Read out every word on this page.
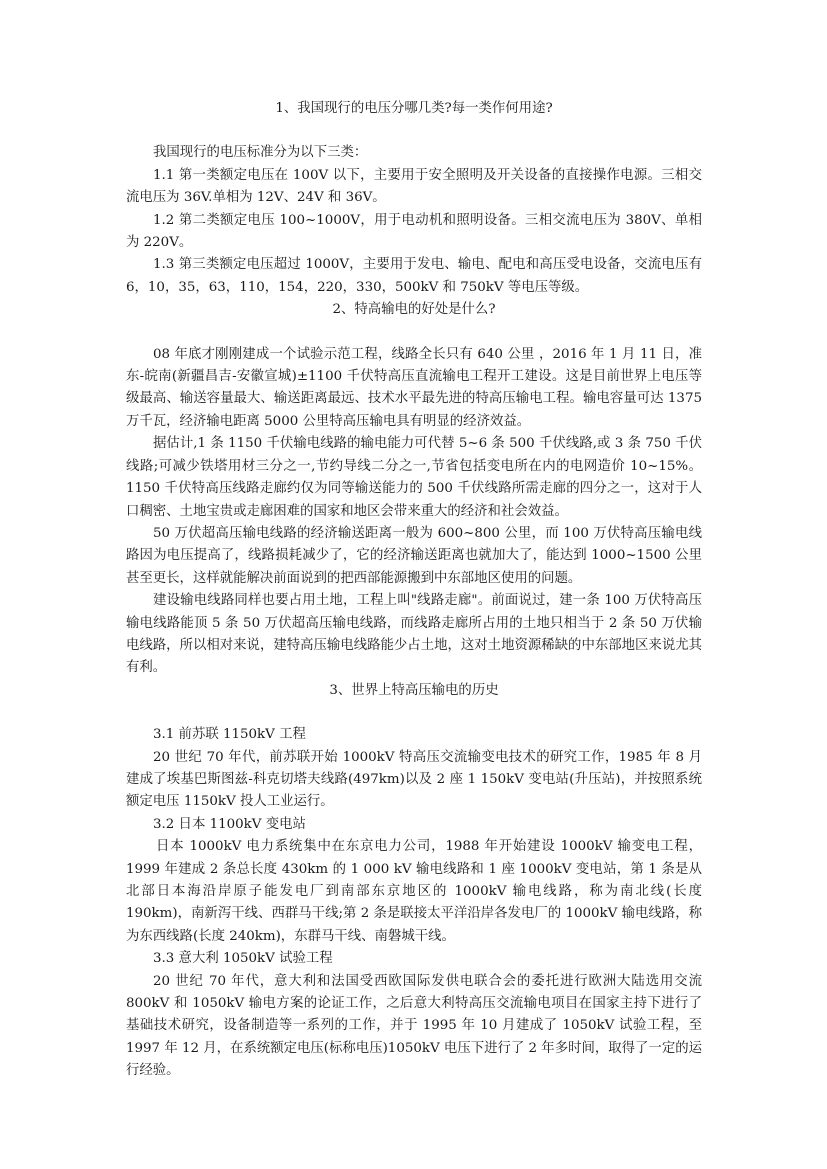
1、我国现行的电压分哪几类?每一类作何用途?

我国现行的电压标准分为以下三类：

1.1 第一类额定电压在 100V 以下，主要用于安全照明及开关设备的直接操作电源。三相交流电压为 36V.单相为 12V、24V 和 36V。

1.2 第二类额定电压 100~1000V，用于电动机和照明设备。三相交流电压为 380V、单相为 220V。

1.3 第三类额定电压超过 1000V，主要用于发电、输电、配电和高压受电设备，交流电压有 6，10，35，63，110，154，220，330，500kV 和 750kV 等电压等级。

2、特高输电的好处是什么?

08 年底才刚刚建成一个试验示范工程，线路全长只有 640 公里 ，2016 年 1 月 11 日，准东-皖南(新疆昌吉-安徽宣城)±1100 千伏特高压直流输电工程开工建设。这是目前世界上电压等级最高、输送容量最大、输送距离最远、技术水平最先进的特高压输电工程。输电容量可达 1375 万千瓦，经济输电距离 5000 公里特高压输电具有明显的经济效益。

据估计,1 条 1150 千伏输电线路的输电能力可代替 5~6 条 500 千伏线路,或 3 条 750 千伏线路;可减少铁塔用材三分之一,节约导线二分之一,节省包括变电所在内的电网造价 10~15%。1150 千伏特高压线路走廊约仅为同等输送能力的 500 千伏线路所需走廊的四分之一，这对于人口稠密、土地宝贵或走廊困难的国家和地区会带来重大的经济和社会效益。

50 万伏超高压输电线路的经济输送距离一般为 600~800 公里，而 100 万伏特高压输电线路因为电压提高了，线路损耗减少了，它的经济输送距离也就加大了，能达到 1000~1500 公里甚至更长，这样就能解决前面说到的把西部能源搬到中东部地区使用的问题。

建设输电线路同样也要占用土地，工程上叫"线路走廊"。前面说过，建一条 100 万伏特高压输电线路能顶 5 条 50 万伏超高压输电线路，而线路走廊所占用的土地只相当于 2 条 50 万伏输电线路，所以相对来说，建特高压输电线路能少占土地，这对土地资源稀缺的中东部地区来说尤其有利。

3、世界上特高压输电的历史

3.1 前苏联 1150kV 工程

20 世纪 70 年代，前苏联开始 1000kV 特高压交流输变电技术的研究工作，1985 年 8 月建成了埃基巴斯图兹-科克切塔夫线路(497km)以及 2 座 1 150kV 变电站(升压站)，并按照系统额定电压 1150kV 投人工业运行。

3.2 日本 1100kV 变电站

日本 1000kV 电力系统集中在东京电力公司，1988 年开始建设 1000kV 输变电工程，1999 年建成 2 条总长度 430km 的 1 000 kV 输电线路和 1 座 1000kV 变电站，第 1 条是从北部日本海沿岸原子能发电厂到南部东京地区的 1000kV 输电线路，称为南北线(长度 190km)，南新泻干线、西群马干线;第 2 条是联接太平洋沿岸各发电厂的 1000kV 输电线路，称为东西线路(长度 240km)，东群马干线、南磐城干线。

3.3 意大利 1050kV 试验工程

20 世纪 70 年代，意大利和法国受西欧国际发供电联合会的委托进行欧洲大陆选用交流 800kV 和 1050kV 输电方案的论证工作，之后意大利特高压交流输电项目在国家主持下进行了基础技术研究，设备制造等一系列的工作，并于 1995 年 10 月建成了 1050kV 试验工程，至 1997 年 12 月，在系统额定电压(标称电压)1050kV 电压下进行了 2 年多时间，取得了一定的运行经验。
